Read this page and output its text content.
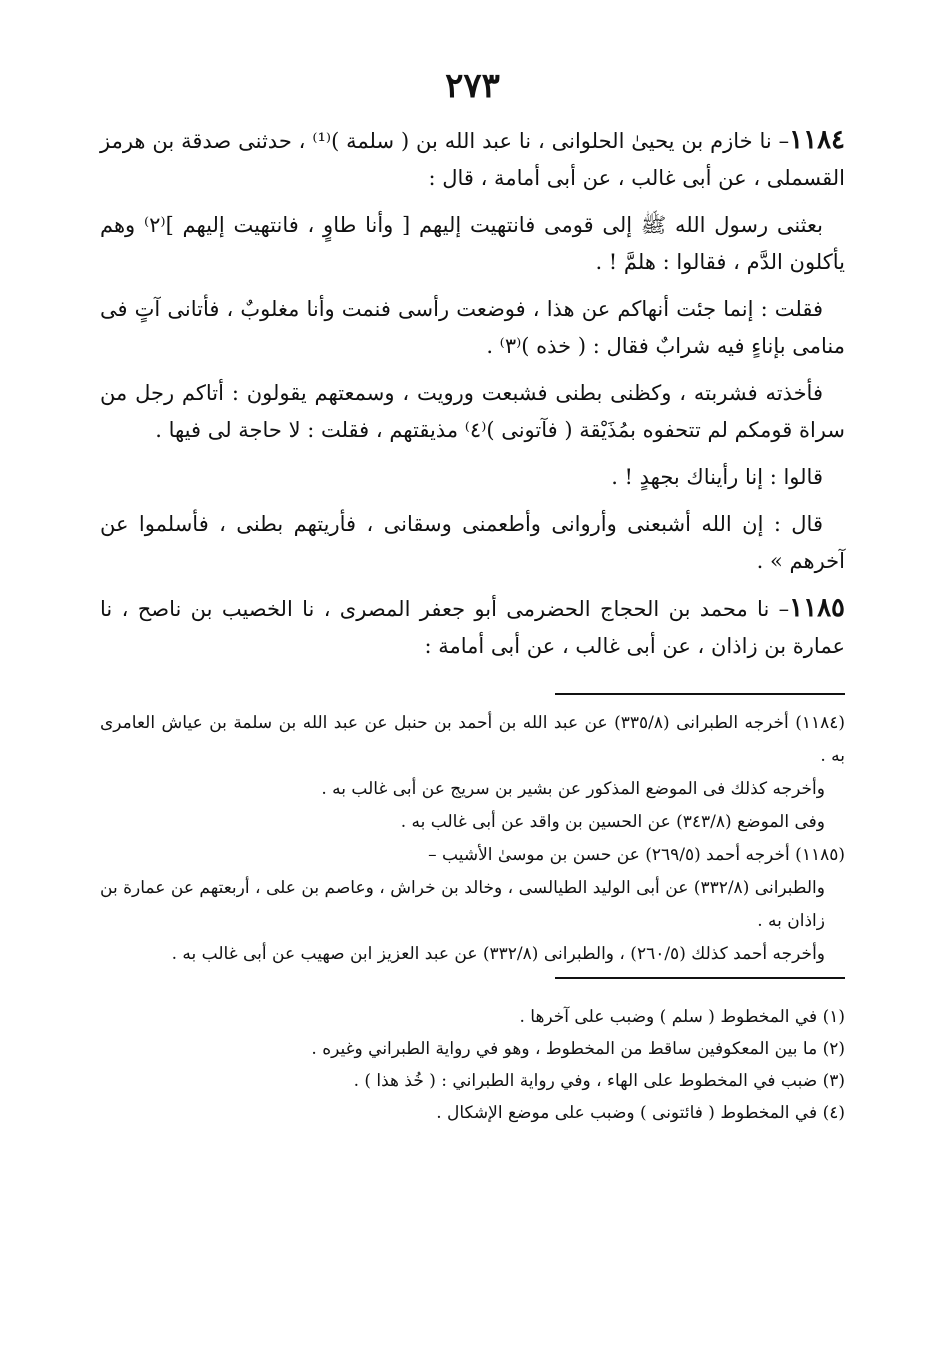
٢٧٣

١١٨٤– نا خازم بن يحيىٰ الحلوانى ، نا عبد الله بن ( سلمة )⁽¹⁾ ، حدثنى صدقة بن هرمز القسملى ، عن أبى غالب ، عن أبى أمامة ، قال :

بعثنى رسول الله ﷺ إلى قومى فانتهيت إليهم [ وأنا طاوٍ ، فانتهيت إليهم ]⁽٢⁾ وهم يأكلون الدَّم ، فقالوا : هلمَّ ! .

فقلت : إنما جئت أنهاكم عن هذا ، فوضعت رأسى فنمت وأنا مغلوبٌ ، فأتانى آتٍ فى منامى بإناءٍ فيه شرابٌ فقال : ( خذه )⁽٣⁾ .

فأخذته فشربته ، وكظنى بطنى فشبعت ورويت ، وسمعتهم يقولون : أتاكم رجل من سراة قومكم لم تتحفوه بمُذَيْقة ( فآتونى )⁽٤⁾ مذيقتهم ، فقلت : لا حاجة لى فيها .

قالوا : إنا رأيناك بجهدٍ ! .

قال : إن الله أشبعنى وأروانى وأطعمنى وسقانى ، فأريتهم بطنى ، فأسلموا عن آخرهم » .

١١٨٥– نا محمد بن الحجاج الحضرمى أبو جعفر المصرى ، نا الخصيب بن ناصح ، نا عمارة بن زاذان ، عن أبى غالب ، عن أبى أمامة :

(١١٨٤) أخرجه الطبرانى (٣٣٥/٨) عن عبد الله بن أحمد بن حنبل عن عبد الله بن سلمة بن عياش العامرى به .

وأخرجه كذلك فى الموضع المذكور عن بشير بن سريج عن أبى غالب به .

وفى الموضع (٣٤٣/٨) عن الحسين بن واقد عن أبى غالب به .

(١١٨٥) أخرجه أحمد (٢٦٩/٥) عن حسن بن موسىٰ الأشيب –

والطبرانى (٣٣٢/٨) عن أبى الوليد الطيالسى ، وخالد بن خراش ، وعاصم بن على ، أربعتهم عن عمارة بن زاذان به .

وأخرجه أحمد كذلك (٢٦٠/٥) ، والطبرانى (٣٣٢/٨) عن عبد العزيز ابن صهيب عن أبى غالب به .

(١) في المخطوط ( سلم ) وضبب على آخرها .

(٢) ما بين المعكوفين ساقط من المخطوط ، وهو في رواية الطبراني وغيره .

(٣) ضبب في المخطوط على الهاء ، وفي رواية الطبراني : ( خُذ هذا ) .

(٤) في المخطوط ( فائتونى ) وضبب على موضع الإشكال .
